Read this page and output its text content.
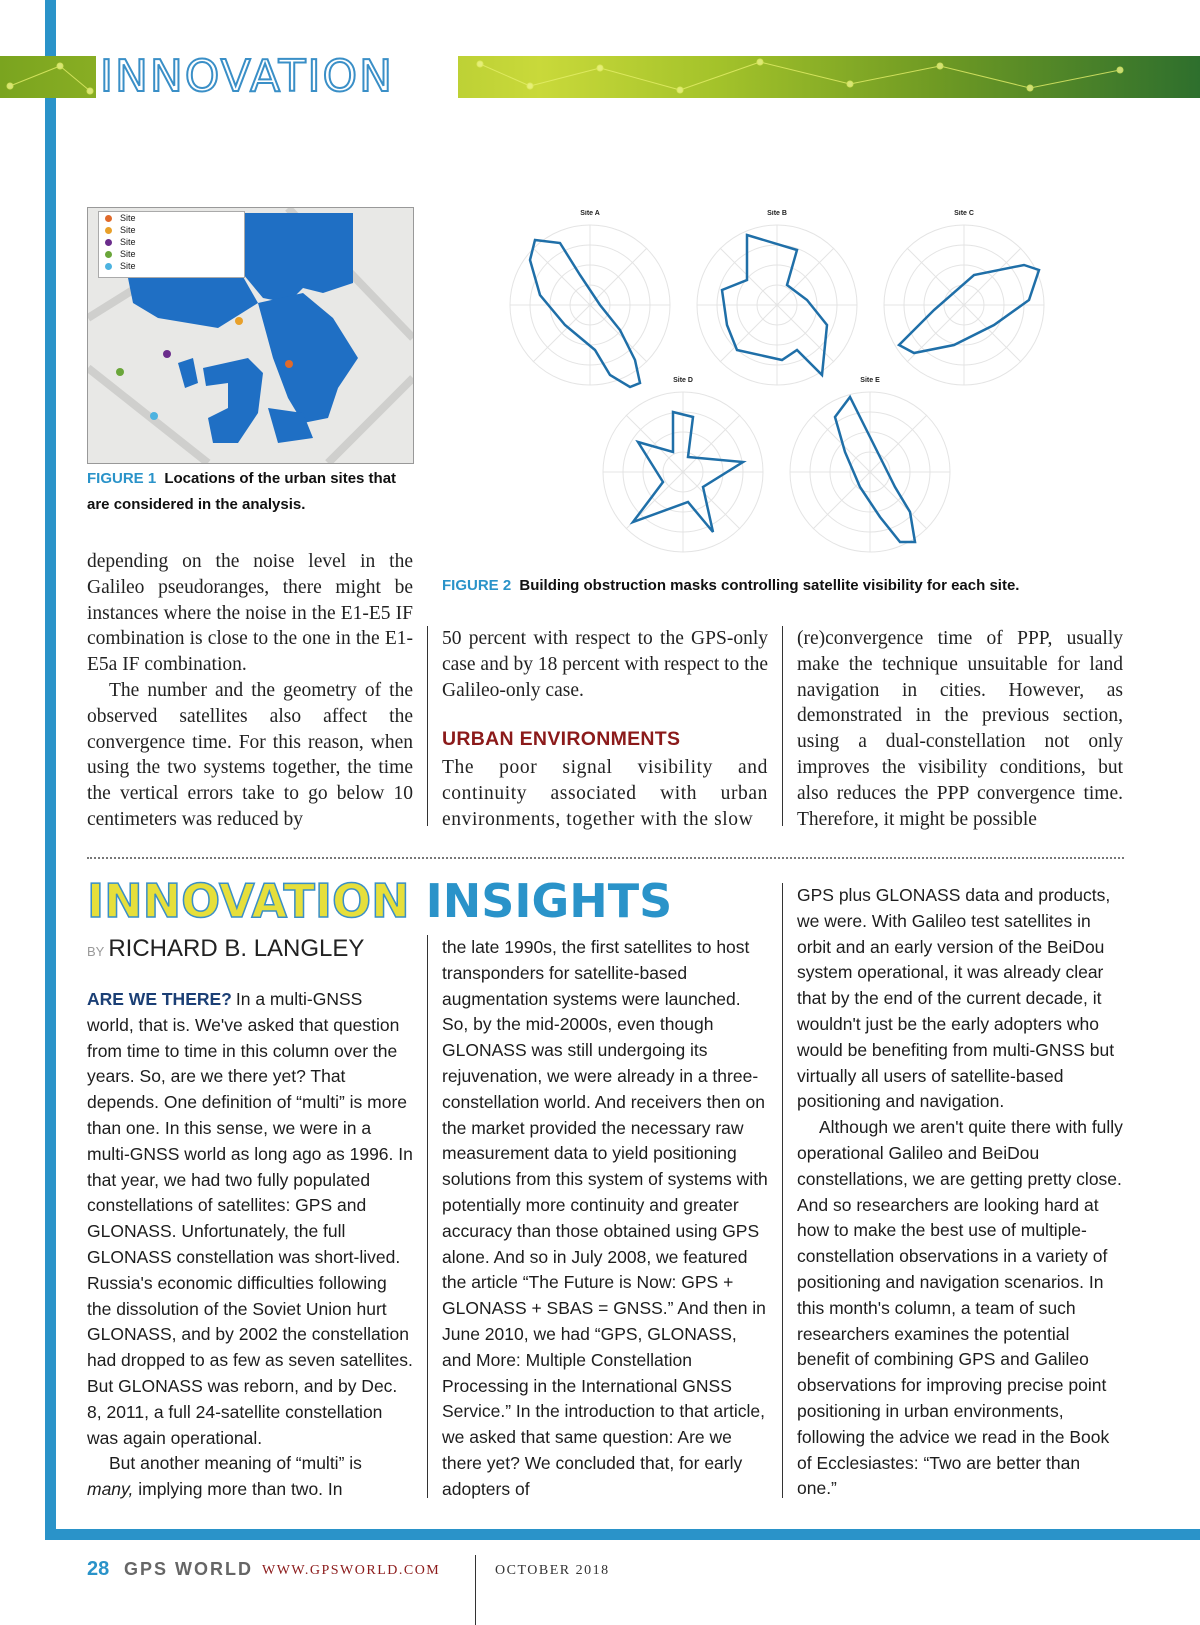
INNOVATION
Site
Site
Site
Site
Site
FIGURE 1 Locations of the urban sites that are considered in the analysis.
Site A	Site B	Site C
Site D	Site E
FIGURE 2 Building obstruction masks controlling satellite visibility for each site.

depending on the noise level in the Galileo pseudoranges, there might be instances where the noise in the E1-E5 IF combination is close to the one in the E1-E5a IF combination.

The number and the geometry of the observed satellites also affect the convergence time. For this reason, when using the two systems together, the time the vertical errors take to go below 10 centimeters was reduced by

50 percent with respect to the GPS-only case and by 18 percent with respect to the Galileo-only case.

URBAN ENVIRONMENTS

The poor signal visibility and continuity associated with urban environments, together with the slow

(re)convergence time of PPP, usually make the technique unsuitable for land navigation in cities. However, as demonstrated in the previous section, using a dual-constellation not only improves the visibility conditions, but also reduces the PPP convergence time. Therefore, it might be possible

INNOVATION INSIGHTS

BY RICHARD B. LANGLEY

ARE WE THERE? In a multi-GNSS world, that is. We've asked that question from time to time in this column over the years. So, are we there yet? That depends. One definition of “multi” is more than one. In this sense, we were in a multi-GNSS world as long ago as 1996. In that year, we had two fully populated constellations of satellites: GPS and GLONASS. Unfortunately, the full GLONASS constellation was short-lived. Russia's economic difficulties following the dissolution of the Soviet Union hurt GLONASS, and by 2002 the constellation had dropped to as few as seven satellites. But GLONASS was reborn, and by Dec. 8, 2011, a full 24-satellite constellation was again operational.

But another meaning of “multi” is many, implying more than two. In

the late 1990s, the first satellites to host transponders for satellite-based augmentation systems were launched. So, by the mid-2000s, even though GLONASS was still undergoing its rejuvenation, we were already in a three-constellation world. And receivers then on the market provided the necessary raw measurement data to yield positioning solutions from this system of systems with potentially more continuity and greater accuracy than those obtained using GPS alone. And so in July 2008, we featured the article “The Future is Now: GPS + GLONASS + SBAS = GNSS.” And then in June 2010, we had “GPS, GLONASS, and More: Multiple Constellation Processing in the International GNSS Service.” In the introduction to that article, we asked that same question: Are we there yet? We concluded that, for early adopters of

GPS plus GLONASS data and products, we were. With Galileo test satellites in orbit and an early version of the BeiDou system operational, it was already clear that by the end of the current decade, it wouldn't just be the early adopters who would be benefiting from multi-GNSS but virtually all users of satellite-based positioning and navigation.

Although we aren't quite there with fully operational Galileo and BeiDou constellations, we are getting pretty close. And so researchers are looking hard at how to make the best use of multiple-constellation observations in a variety of positioning and navigation scenarios. In this month's column, a team of such researchers examines the potential benefit of combining GPS and Galileo observations for improving precise point positioning in urban environments, following the advice we read in the Book of Ecclesiastes: “Two are better than one.”

28 GPS WORLD WWW.GPSWORLD.COM	OCTOBER 2018
